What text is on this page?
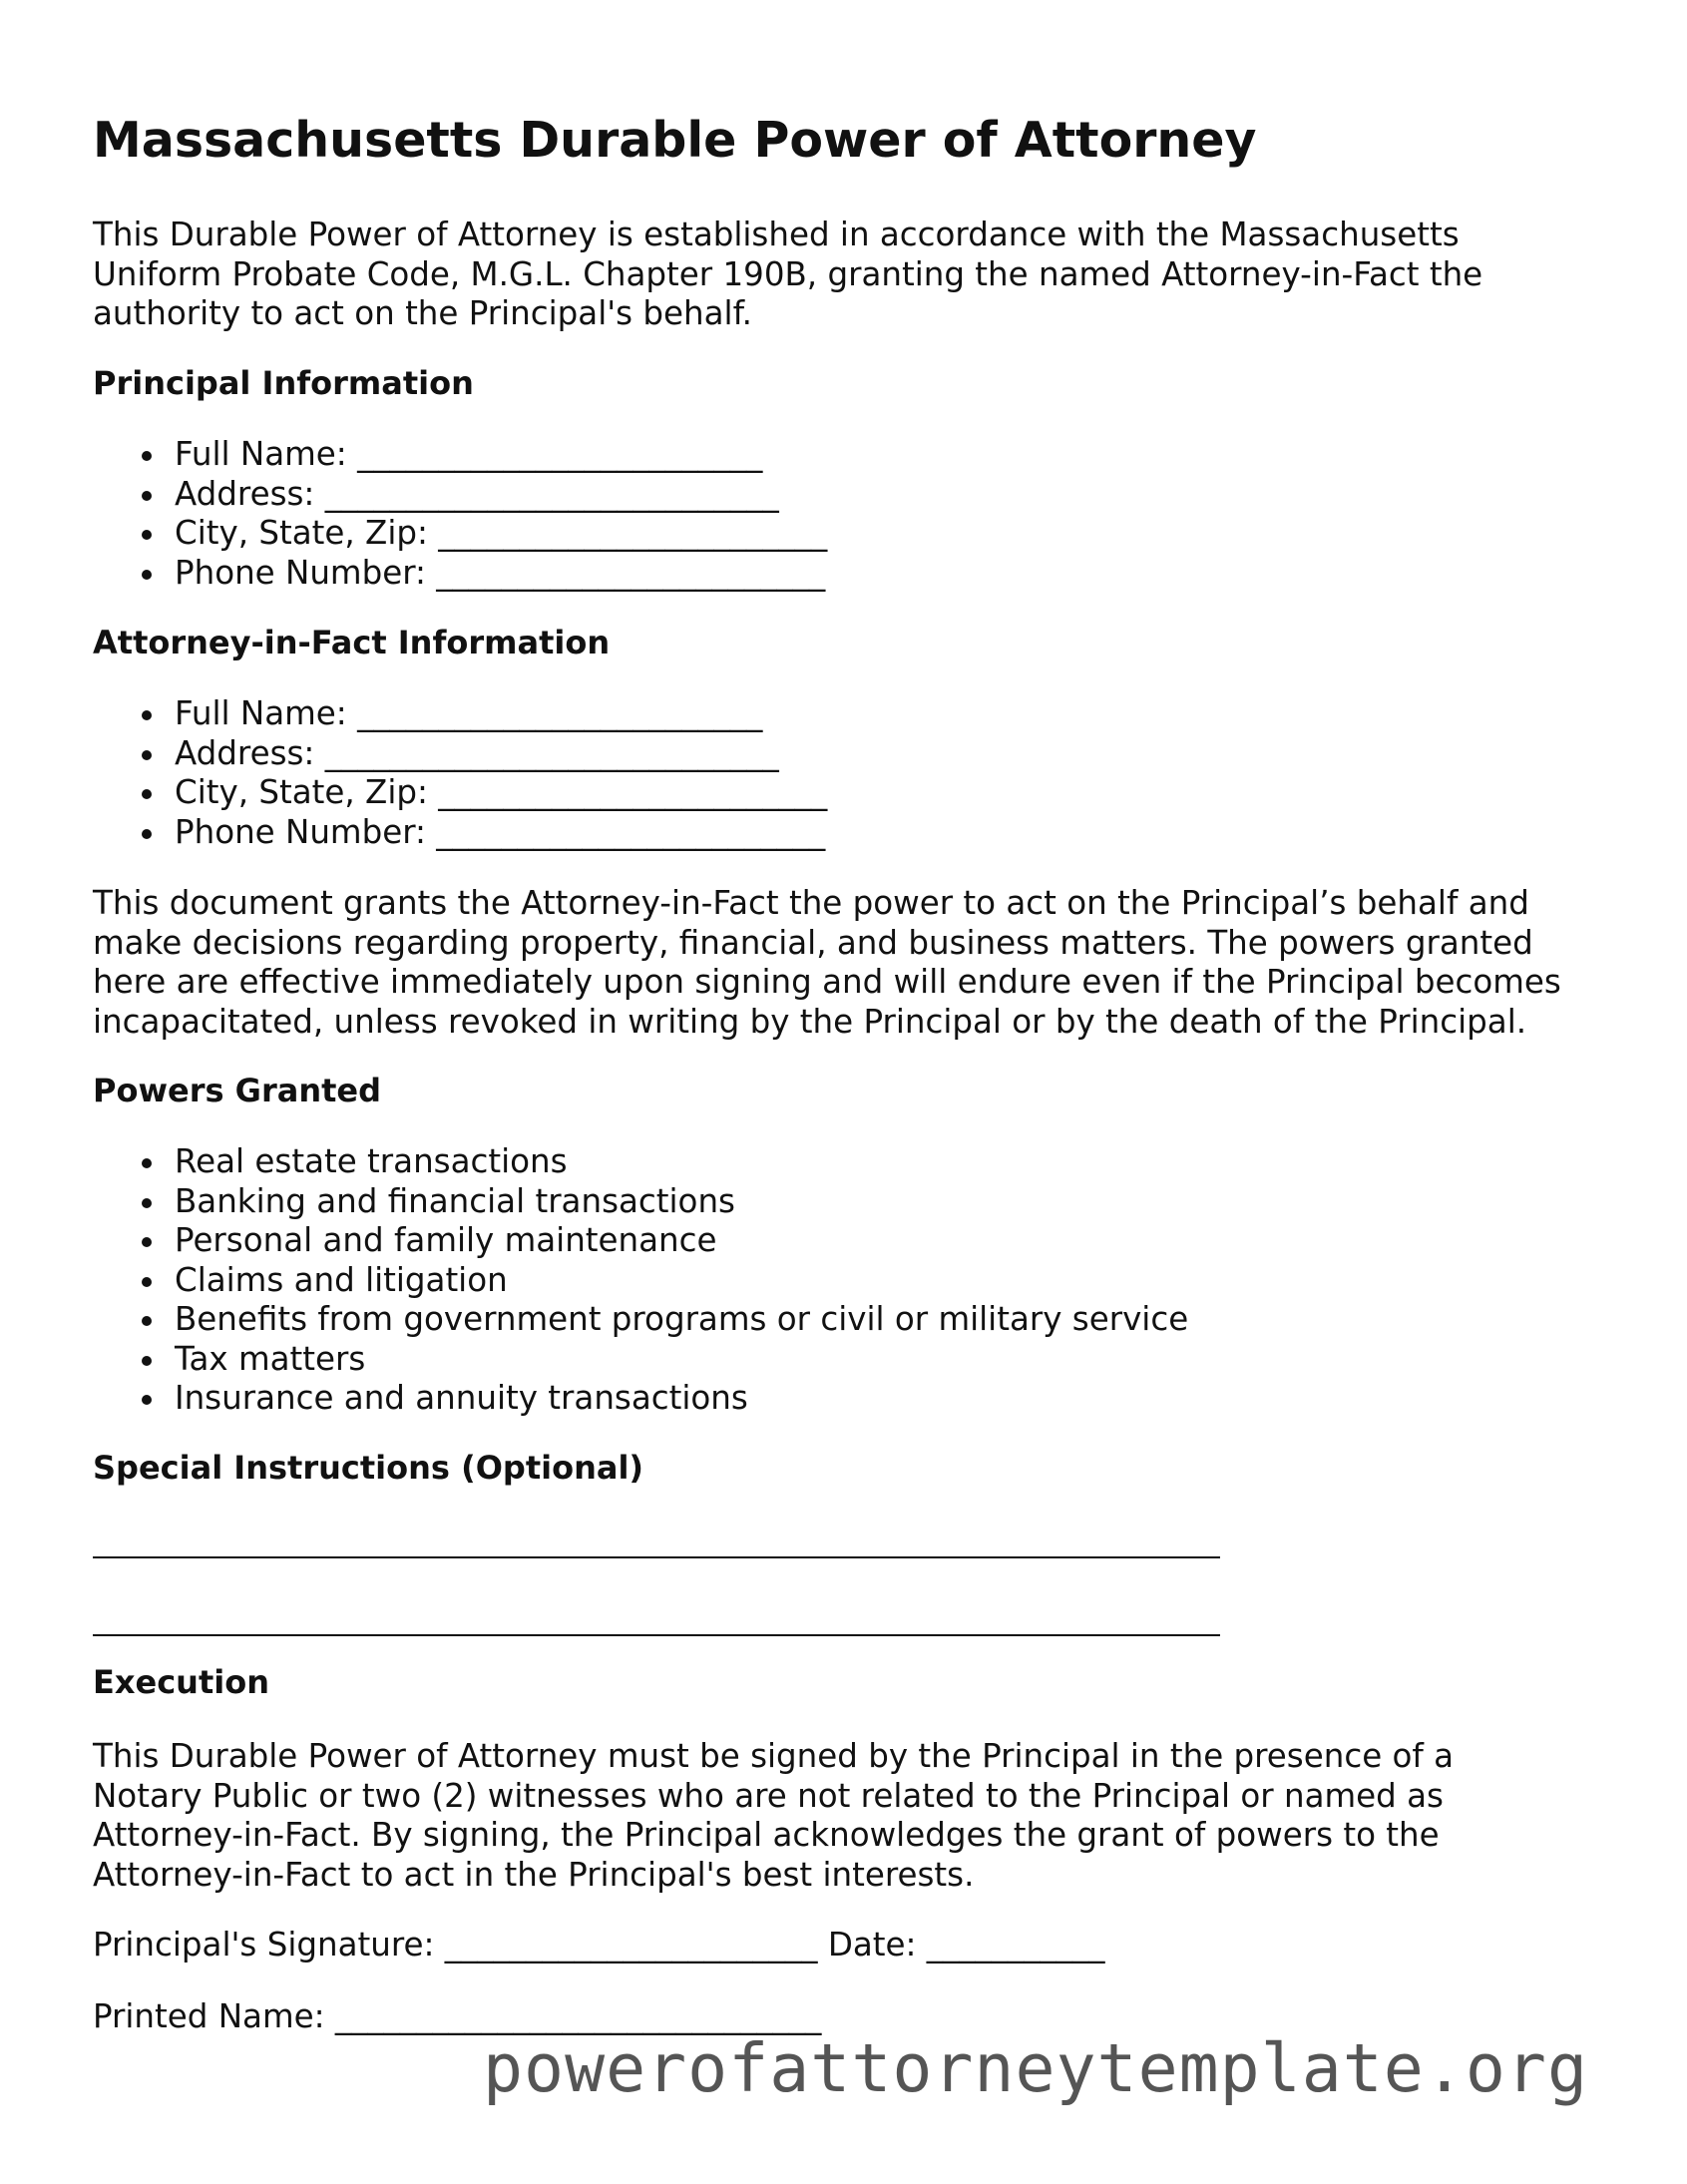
Massachusetts Durable Power of Attorney

This Durable Power of Attorney is established in accordance with the Massachusetts
Uniform Probate Code, M.G.L. Chapter 190B, granting the named Attorney-in-Fact the
authority to act on the Principal's behalf.

Principal Information
Full Name: _________________________
Address: ____________________________
City, State, Zip: ________________________
Phone Number: ________________________
Attorney-in-Fact Information
Full Name: _________________________
Address: ____________________________
City, State, Zip: ________________________
Phone Number: ________________________

This document grants the Attorney-in-Fact the power to act on the Principal’s behalf and
make decisions regarding property, financial, and business matters. The powers granted
here are effective immediately upon signing and will endure even if the Principal becomes
incapacitated, unless revoked in writing by the Principal or by the death of the Principal.

Powers Granted
Real estate transactions
Banking and financial transactions
Personal and family maintenance
Claims and litigation
Benefits from government programs or civil or military service
Tax matters
Insurance and annuity transactions
Special Instructions (Optional)
Execution

This Durable Power of Attorney must be signed by the Principal in the presence of a
Notary Public or two (2) witnesses who are not related to the Principal or named as
Attorney-in-Fact. By signing, the Principal acknowledges the grant of powers to the
Attorney-in-Fact to act in the Principal's best interests.

Principal's Signature: _______________________ Date: ___________

Printed Name: ______________________________

powerofattorneytemplate.org
